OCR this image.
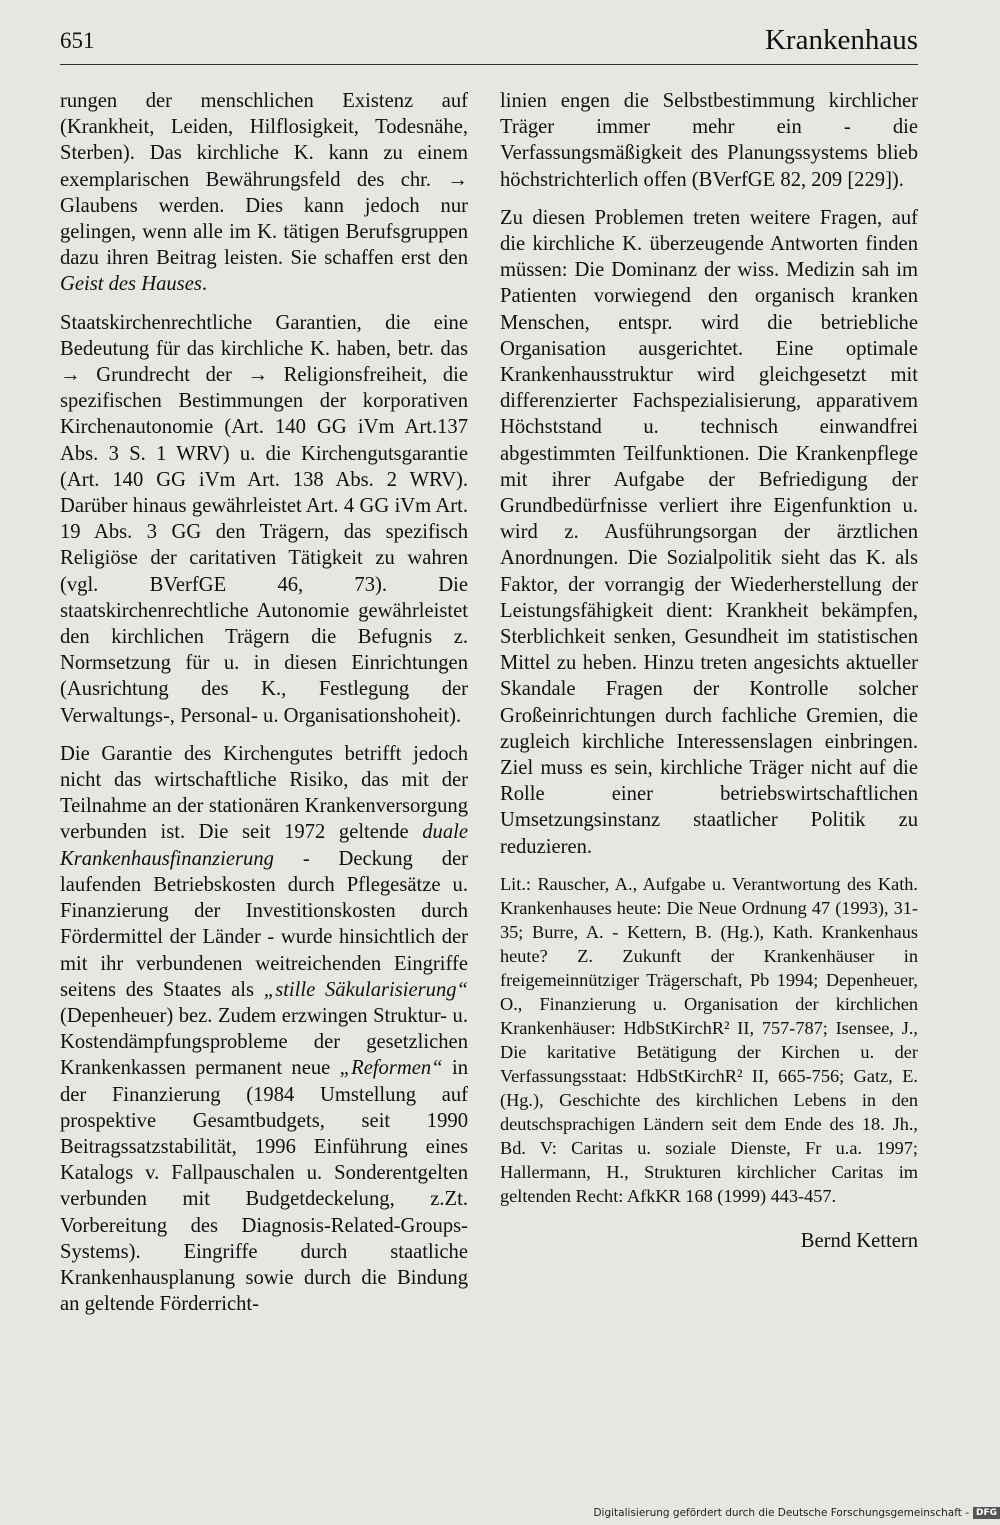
651	Krankenhaus

rungen der menschlichen Existenz auf (Krankheit, Leiden, Hilflosigkeit, Todesnähe, Sterben). Das kirchliche K. kann zu einem exemplarischen Bewährungsfeld des chr. → Glaubens werden. Dies kann jedoch nur gelingen, wenn alle im K. tätigen Berufsgruppen dazu ihren Beitrag leisten. Sie schaffen erst den Geist des Hauses.

Staatskirchenrechtliche Garantien, die eine Bedeutung für das kirchliche K. haben, betr. das → Grundrecht der → Religionsfreiheit, die spezifischen Bestimmungen der korporativen Kirchenautonomie (Art. 140 GG iVm Art.137 Abs. 3 S. 1 WRV) u. die Kirchengutsgarantie (Art. 140 GG iVm Art. 138 Abs. 2 WRV). Darüber hinaus gewährleistet Art. 4 GG iVm Art. 19 Abs. 3 GG den Trägern, das spezifisch Religiöse der caritativen Tätigkeit zu wahren (vgl. BVerfGE 46, 73). Die staatskirchenrechtliche Autonomie gewährleistet den kirchlichen Trägern die Befugnis z. Normsetzung für u. in diesen Einrichtungen (Ausrichtung des K., Festlegung der Verwaltungs-, Personal- u. Organisationshoheit).

Die Garantie des Kirchengutes betrifft jedoch nicht das wirtschaftliche Risiko, das mit der Teilnahme an der stationären Krankenversorgung verbunden ist. Die seit 1972 geltende duale Krankenhausfinanzierung - Deckung der laufenden Betriebskosten durch Pflegesätze u. Finanzierung der Investitionskosten durch Fördermittel der Länder - wurde hinsichtlich der mit ihr verbundenen weitreichenden Eingriffe seitens des Staates als „stille Säkularisierung“ (Depenheuer) bez. Zudem erzwingen Struktur- u. Kostendämpfungsprobleme der gesetzlichen Krankenkassen permanent neue „Reformen“ in der Finanzierung (1984 Umstellung auf prospektive Gesamtbudgets, seit 1990 Beitragssatzstabilität, 1996 Einführung eines Katalogs v. Fallpauschalen u. Sonderentgelten verbunden mit Budgetdeckelung, z.Zt. Vorbereitung des Diagnosis-Related-Groups-Systems). Eingriffe durch staatliche Krankenhausplanung sowie durch die Bindung an geltende Förderricht-

linien engen die Selbstbestimmung kirchlicher Träger immer mehr ein - die Verfassungsmäßigkeit des Planungssystems blieb höchstrichterlich offen (BVerfGE 82, 209 [229]).

Zu diesen Problemen treten weitere Fragen, auf die kirchliche K. überzeugende Antworten finden müssen: Die Dominanz der wiss. Medizin sah im Patienten vorwiegend den organisch kranken Menschen, entspr. wird die betriebliche Organisation ausgerichtet. Eine optimale Krankenhausstruktur wird gleichgesetzt mit differenzierter Fachspezialisierung, apparativem Höchststand u. technisch einwandfrei abgestimmten Teilfunktionen. Die Krankenpflege mit ihrer Aufgabe der Befriedigung der Grundbedürfnisse verliert ihre Eigenfunktion u. wird z. Ausführungsorgan der ärztlichen Anordnungen. Die Sozialpolitik sieht das K. als Faktor, der vorrangig der Wiederherstellung der Leistungsfähigkeit dient: Krankheit bekämpfen, Sterblichkeit senken, Gesundheit im statistischen Mittel zu heben. Hinzu treten angesichts aktueller Skandale Fragen der Kontrolle solcher Großeinrichtungen durch fachliche Gremien, die zugleich kirchliche Interessenslagen einbringen. Ziel muss es sein, kirchliche Träger nicht auf die Rolle einer betriebswirtschaftlichen Umsetzungsinstanz staatlicher Politik zu reduzieren.

Lit.: Rauscher, A., Aufgabe u. Verantwortung des Kath. Krankenhauses heute: Die Neue Ordnung 47 (1993), 31-35; Burre, A. - Kettern, B. (Hg.), Kath. Krankenhaus heute? Z. Zukunft der Krankenhäuser in freigemeinnütziger Trägerschaft, Pb 1994; Depenheuer, O., Finanzierung u. Organisation der kirchlichen Krankenhäuser: HdbStKirchR² II, 757-787; Isensee, J., Die karitative Betätigung der Kirchen u. der Verfassungsstaat: HdbStKirchR² II, 665-756; Gatz, E. (Hg.), Geschichte des kirchlichen Lebens in den deutschsprachigen Ländern seit dem Ende des 18. Jh., Bd. V: Caritas u. soziale Dienste, Fr u.a. 1997; Hallermann, H., Strukturen kirchlicher Caritas im geltenden Recht: AfkKR 168 (1999) 443-457.
Bernd Kettern
Digitalisierung gefördert durch die Deutsche Forschungsgemeinschaft - DFG
